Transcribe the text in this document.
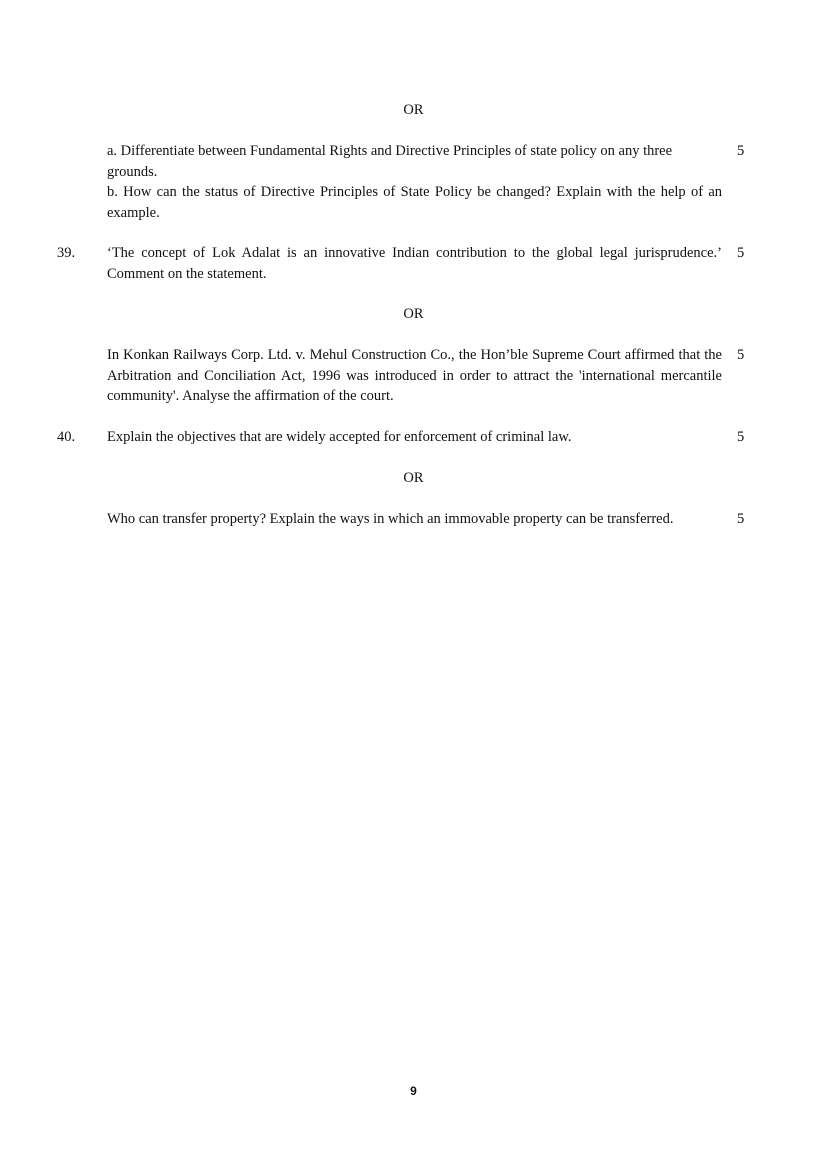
OR
a. Differentiate between Fundamental Rights and Directive Principles of state policy on any three grounds.
b. How can the status of Directive Principles of State Policy be changed? Explain with the help of an example.
5
39. ‘The concept of Lok Adalat is an innovative Indian contribution to the global legal jurisprudence.’ Comment on the statement.
5
OR
In Konkan Railways Corp. Ltd. v. Mehul Construction Co., the Hon’ble Supreme Court affirmed that the Arbitration and Conciliation Act, 1996 was introduced in order to attract the 'international mercantile community'. Analyse the affirmation of the court.
5
40. Explain the objectives that are widely accepted for enforcement of criminal law.	5
OR
Who can transfer property? Explain the ways in which an immovable property can be transferred.	5
9
